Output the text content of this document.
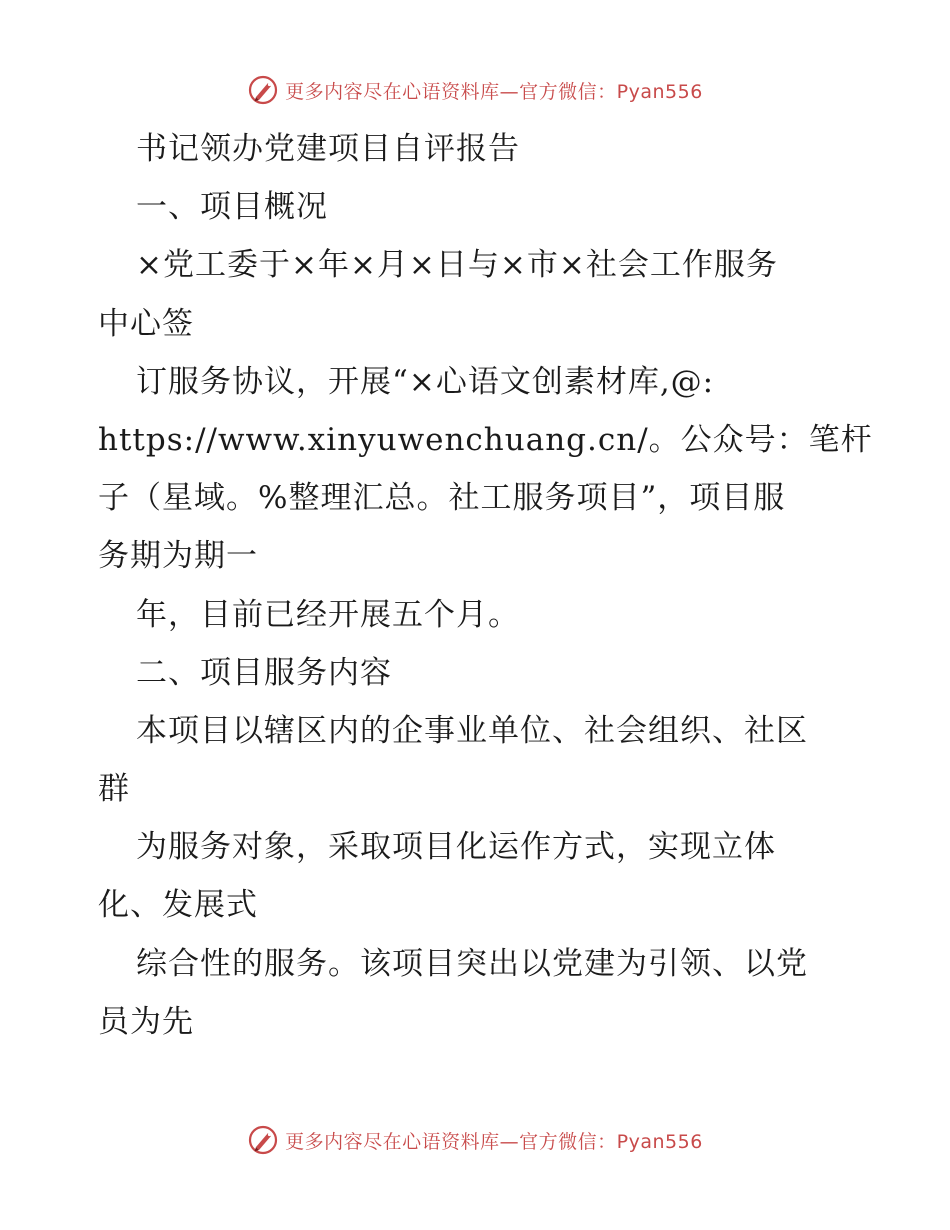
更多内容尽在心语资料库—官方微信：Pyan556
书记领办党建项目自评报告
一、项目概况
×党工委于×年×月×日与×市×社会工作服务
中心签
订服务协议，开展“×心语文创素材库,@:
https://www.xinyuwenchuang.cn/。公众号：笔杆
子（星域。%整理汇总。社工服务项目”，项目服
务期为期一
年，目前已经开展五个月。
二、项目服务内容
本项目以辖区内的企事业单位、社会组织、社区
群
为服务对象，采取项目化运作方式，实现立体
化、发展式
综合性的服务。该项目突出以党建为引领、以党
员为先
更多内容尽在心语资料库—官方微信：Pyan556
